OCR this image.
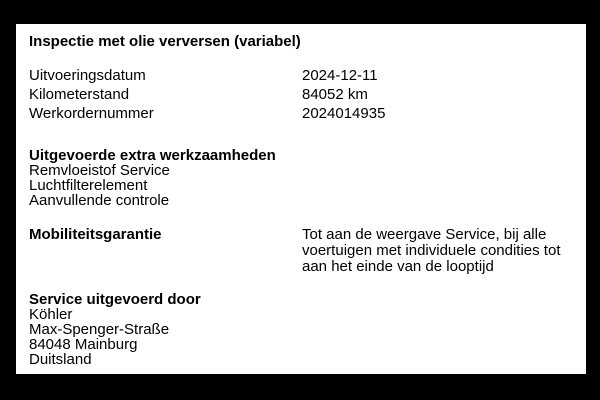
Inspectie met olie verversen (variabel)
Uitvoeringsdatum	2024-12-11
Kilometerstand	84052 km
Werkordernummer	2024014935
Uitgevoerde extra werkzaamheden
Remvloeistof Service
Luchtfilterelement
Aanvullende controle
Mobiliteitsgarantie	Tot aan de weergave Service, bij alle
voertuigen met individuele condities tot
aan het einde van de looptijd
Service uitgevoerd door
Köhler
Max-Spenger-Straße
84048 Mainburg
Duitsland
